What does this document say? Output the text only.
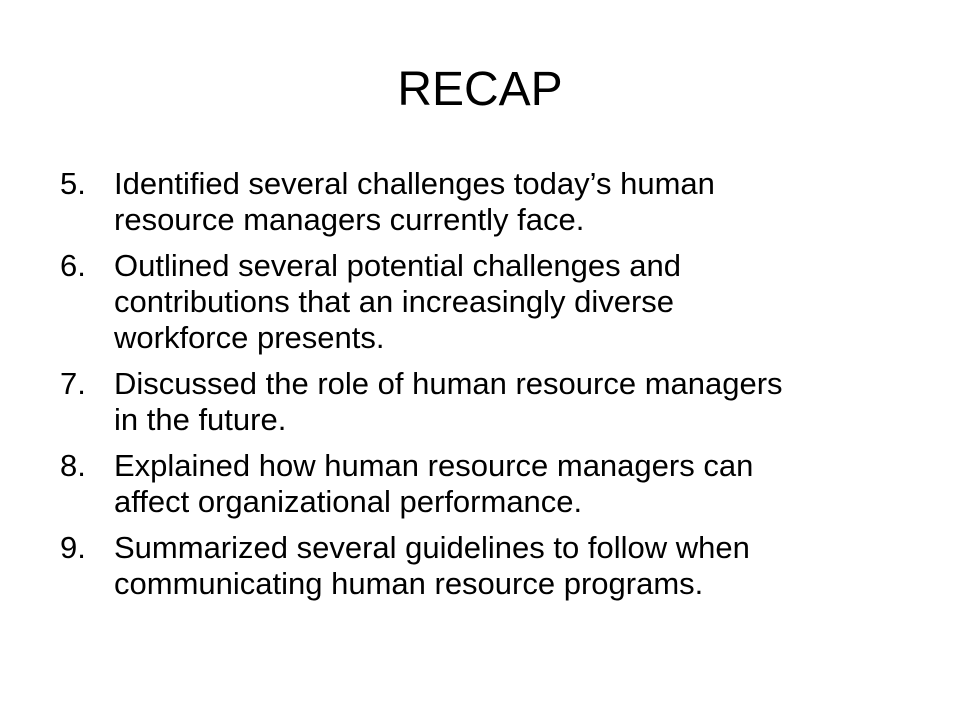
RECAP
5. Identified several challenges today’s human
resource managers currently face.
6. Outlined several potential challenges and
contributions that an increasingly diverse
workforce presents.
7. Discussed the role of human resource managers
in the future.
8. Explained how human resource managers can
affect organizational performance.
9. Summarized several guidelines to follow when
communicating human resource programs.
